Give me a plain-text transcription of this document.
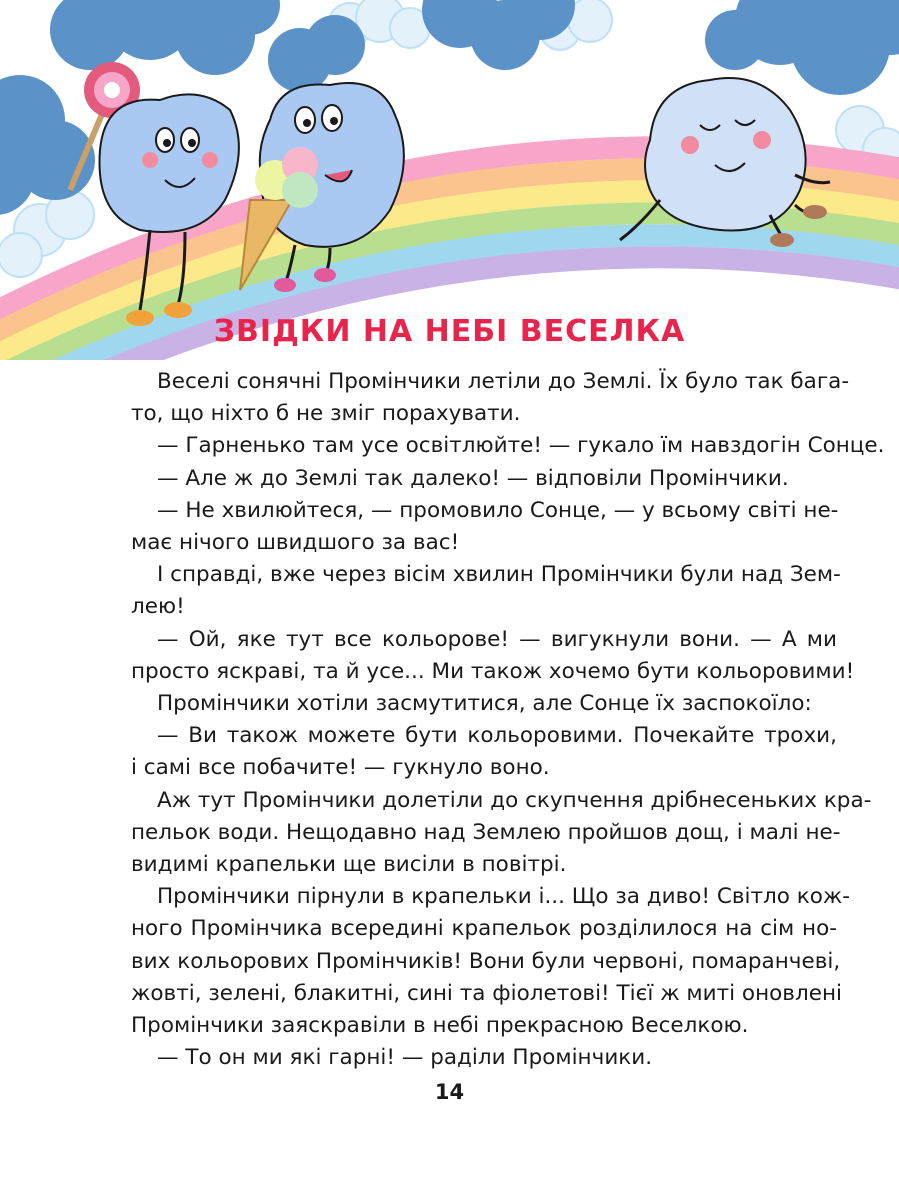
ЗВІДКИ НА НЕБІ ВЕСЕЛКА
Веселі сонячні Промінчики летіли до Землі. Їх було так бага-
то, що ніхто б не зміг порахувати.
— Гарненько там усе освітлюйте! — гукало їм навздогін Сонце.
— Але ж до Землі так далеко! — відповіли Промінчики.
— Не хвилюйтеся, — промовило Сонце, — у всьому світі не-
має нічого швидшого за вас!
І справді, вже через вісім хвилин Промінчики були над Зем-
лею!
— Ой, яке тут все кольорове! — вигукнули вони. — А ми
просто яскраві, та й усе... Ми також хочемо бути кольоровими!
Промінчики хотіли засмутитися, але Сонце їх заспокоїло:
— Ви також можете бути кольоровими. Почекайте трохи,
і самі все побачите! — гукнуло воно.
Аж тут Промінчики долетіли до скупчення дрібнесеньких кра-
пельок води. Нещодавно над Землею пройшов дощ, і малі не-
видимі крапельки ще висіли в повітрі.
Промінчики пірнули в крапельки і... Що за диво! Світло кож-
ного Промінчика всередині крапельок розділилося на сім но-
вих кольорових Промінчиків! Вони були червоні, помаранчеві,
жовті, зелені, блакитні, сині та фіолетові! Тієї ж миті оновлені
Промінчики заяскравіли в небі прекрасною Веселкою.
— То он ми які гарні! — раділи Промінчики.
14
